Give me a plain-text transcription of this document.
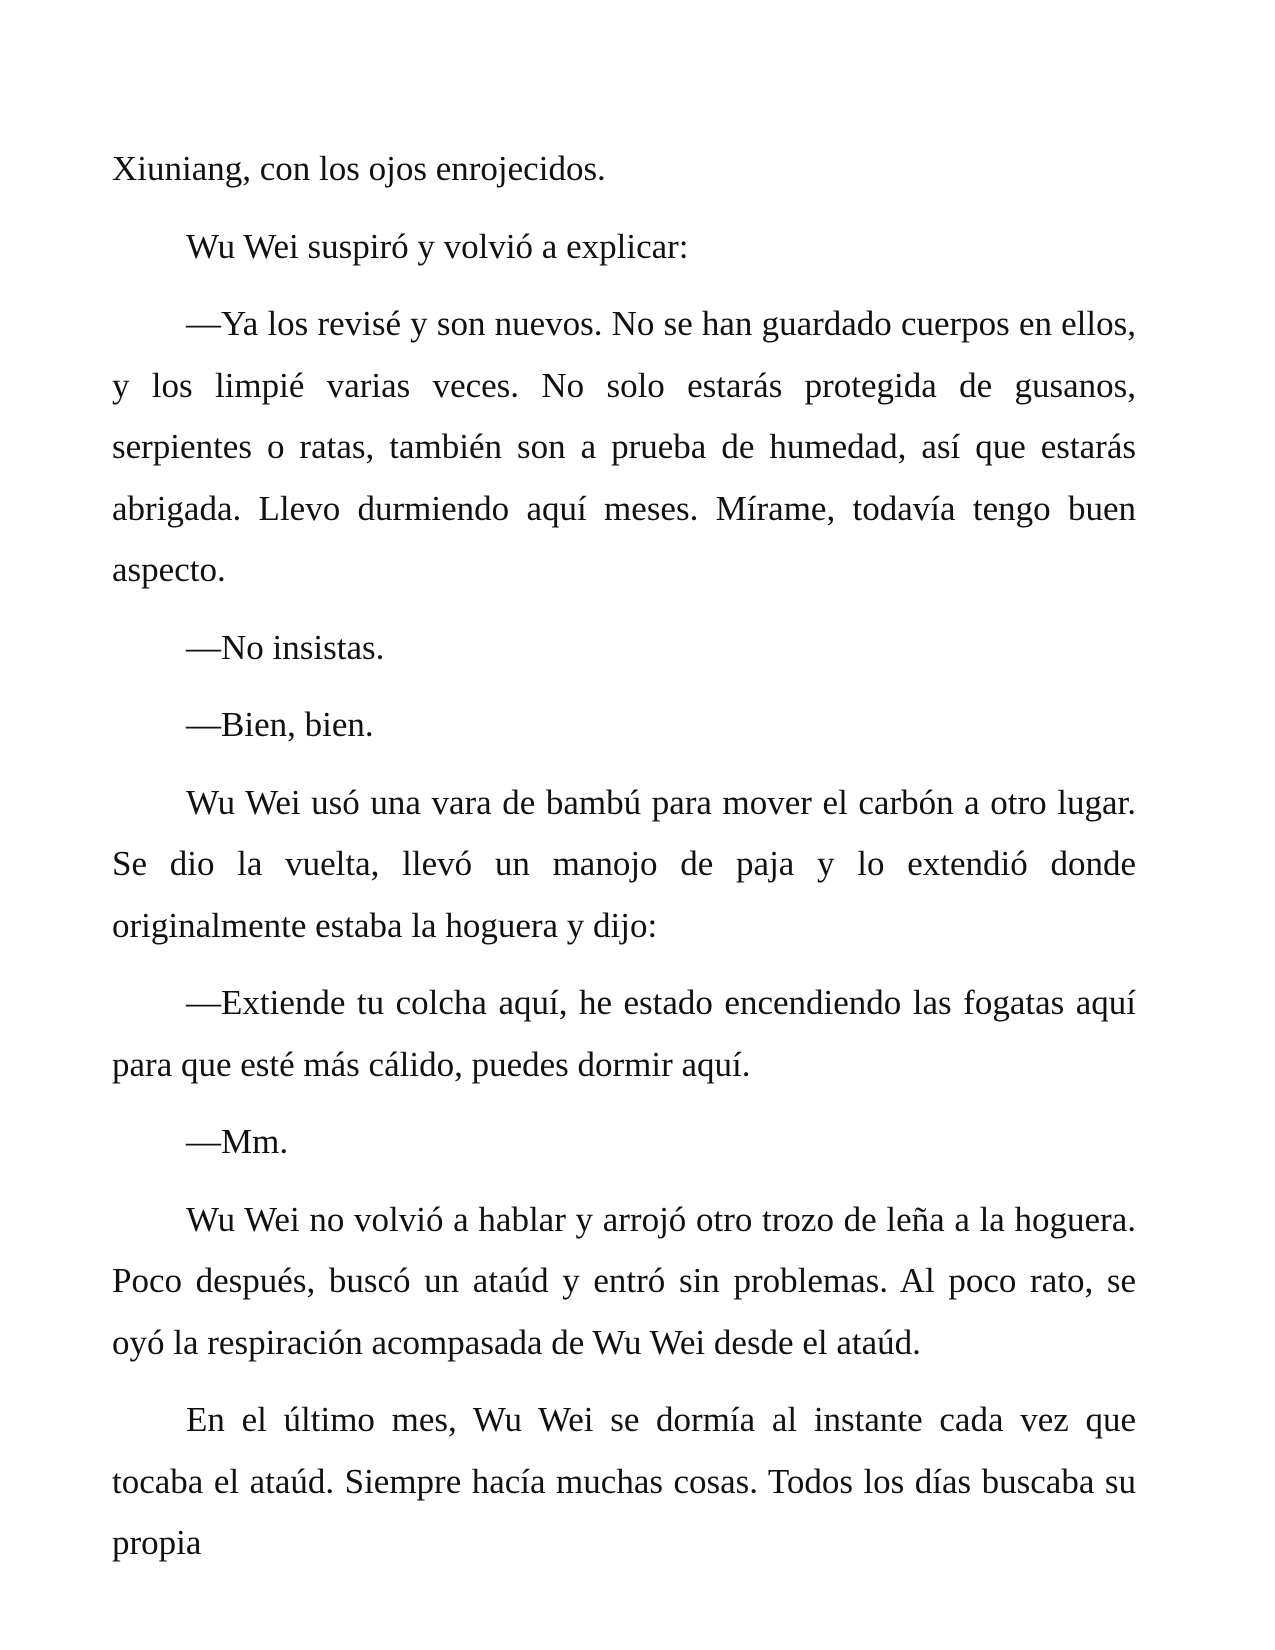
Xiuniang, con los ojos enrojecidos.

Wu Wei suspiró y volvió a explicar:

—Ya los revisé y son nuevos. No se han guardado cuerpos en ellos, y los limpié varias veces. No solo estarás protegida de gusanos, serpientes o ratas, también son a prueba de humedad, así que estarás abrigada. Llevo durmiendo aquí meses. Mírame, todavía tengo buen aspecto.

—No insistas.

—Bien, bien.

Wu Wei usó una vara de bambú para mover el carbón a otro lugar. Se dio la vuelta, llevó un manojo de paja y lo extendió donde originalmente estaba la hoguera y dijo:

—Extiende tu colcha aquí, he estado encendiendo las fogatas aquí para que esté más cálido, puedes dormir aquí.

—Mm.

Wu Wei no volvió a hablar y arrojó otro trozo de leña a la hoguera. Poco después, buscó un ataúd y entró sin problemas. Al poco rato, se oyó la respiración acompasada de Wu Wei desde el ataúd.

En el último mes, Wu Wei se dormía al instante cada vez que tocaba el ataúd. Siempre hacía muchas cosas. Todos los días buscaba su propia
